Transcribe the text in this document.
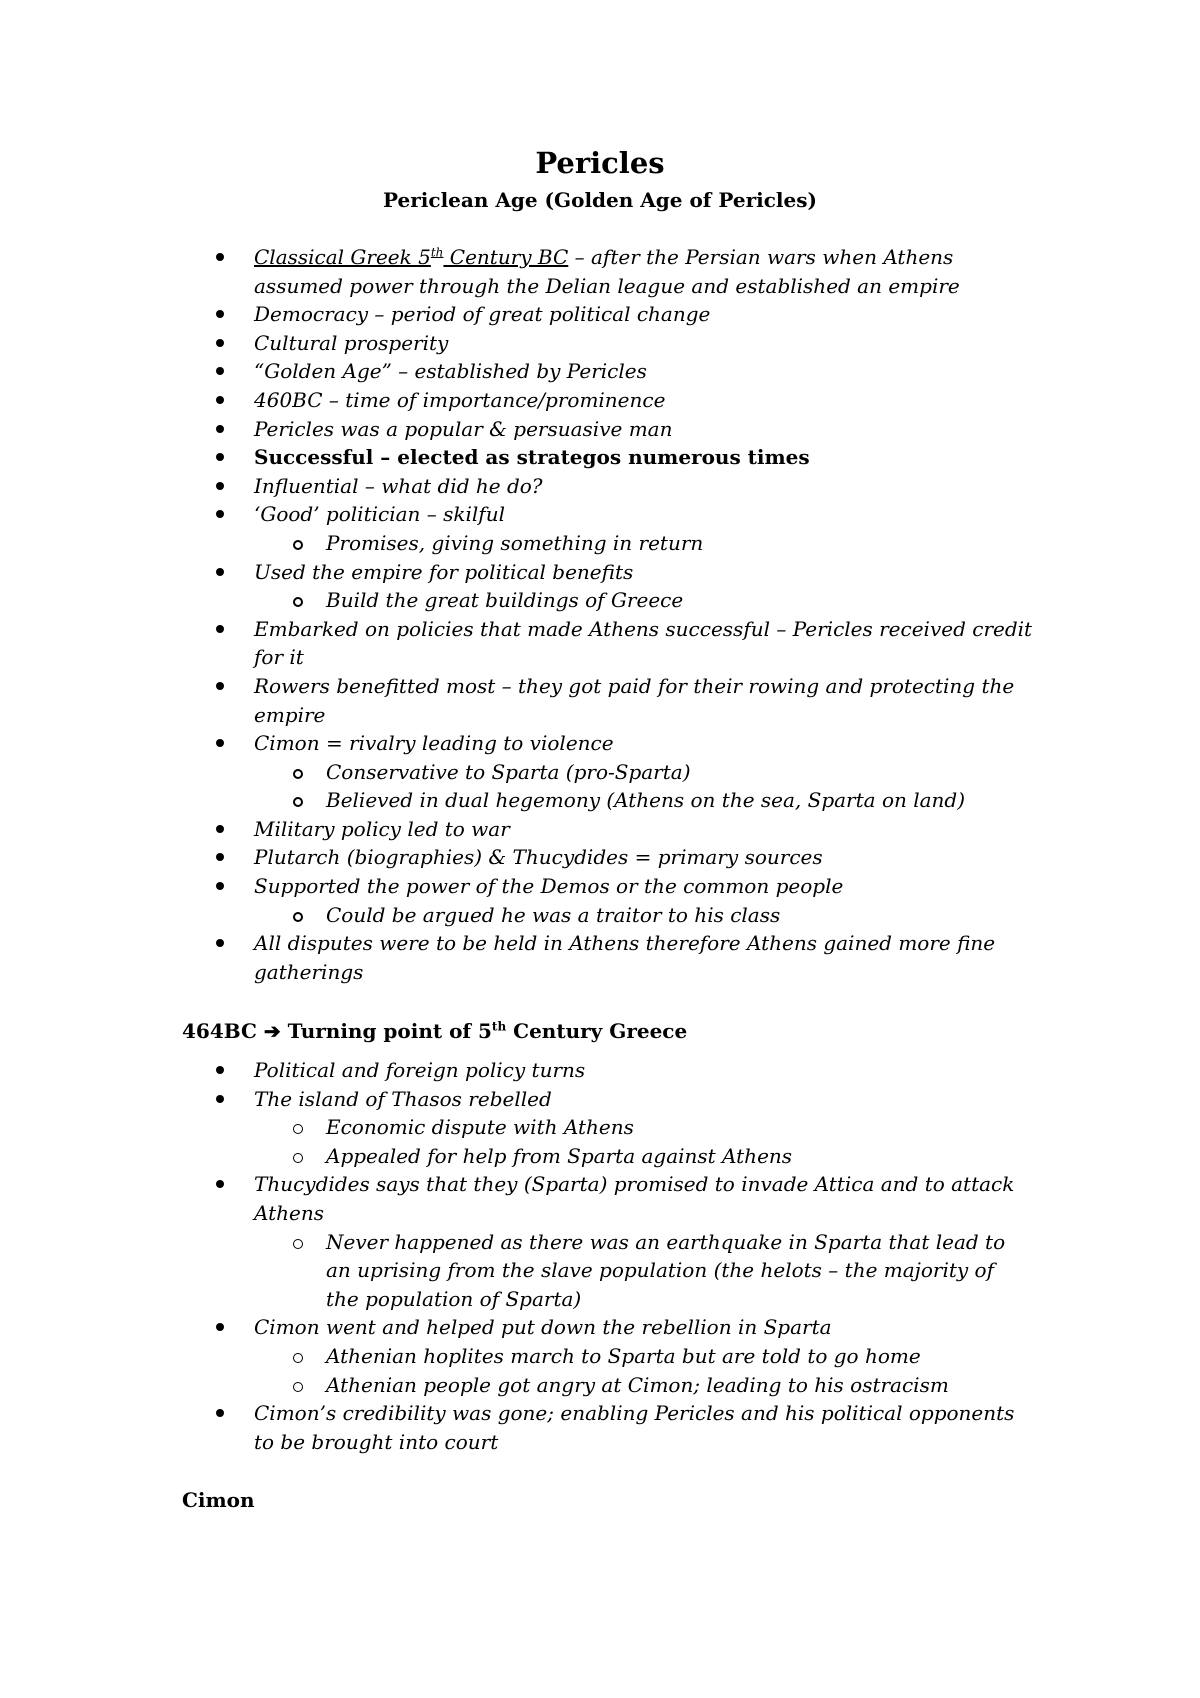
Pericles
Periclean Age (Golden Age of Pericles)
Classical Greek 5th Century BC – after the Persian wars when Athens assumed power through the Delian league and established an empire
Democracy – period of great political change
Cultural prosperity
“Golden Age” – established by Pericles
460BC – time of importance/prominence
Pericles was a popular & persuasive man
Successful – elected as strategos numerous times
Influential – what did he do?
‘Good’ politician – skilful
Promises, giving something in return
Used the empire for political benefits
Build the great buildings of Greece
Embarked on policies that made Athens successful – Pericles received credit for it
Rowers benefitted most – they got paid for their rowing and protecting the empire
Cimon = rivalry leading to violence
Conservative to Sparta (pro-Sparta)
Believed in dual hegemony (Athens on the sea, Sparta on land)
Military policy led to war
Plutarch (biographies) & Thucydides = primary sources
Supported the power of the Demos or the common people
Could be argued he was a traitor to his class
All disputes were to be held in Athens therefore Athens gained more fine gatherings
464BC ➔ Turning point of 5th Century Greece
Political and foreign policy turns
The island of Thasos rebelled
Economic dispute with Athens
Appealed for help from Sparta against Athens
Thucydides says that they (Sparta) promised to invade Attica and to attack Athens
Never happened as there was an earthquake in Sparta that lead to an uprising from the slave population (the helots – the majority of the population of Sparta)
Cimon went and helped put down the rebellion in Sparta
Athenian hoplites march to Sparta but are told to go home
Athenian people got angry at Cimon; leading to his ostracism
Cimon’s credibility was gone; enabling Pericles and his political opponents to be brought into court
Cimon
